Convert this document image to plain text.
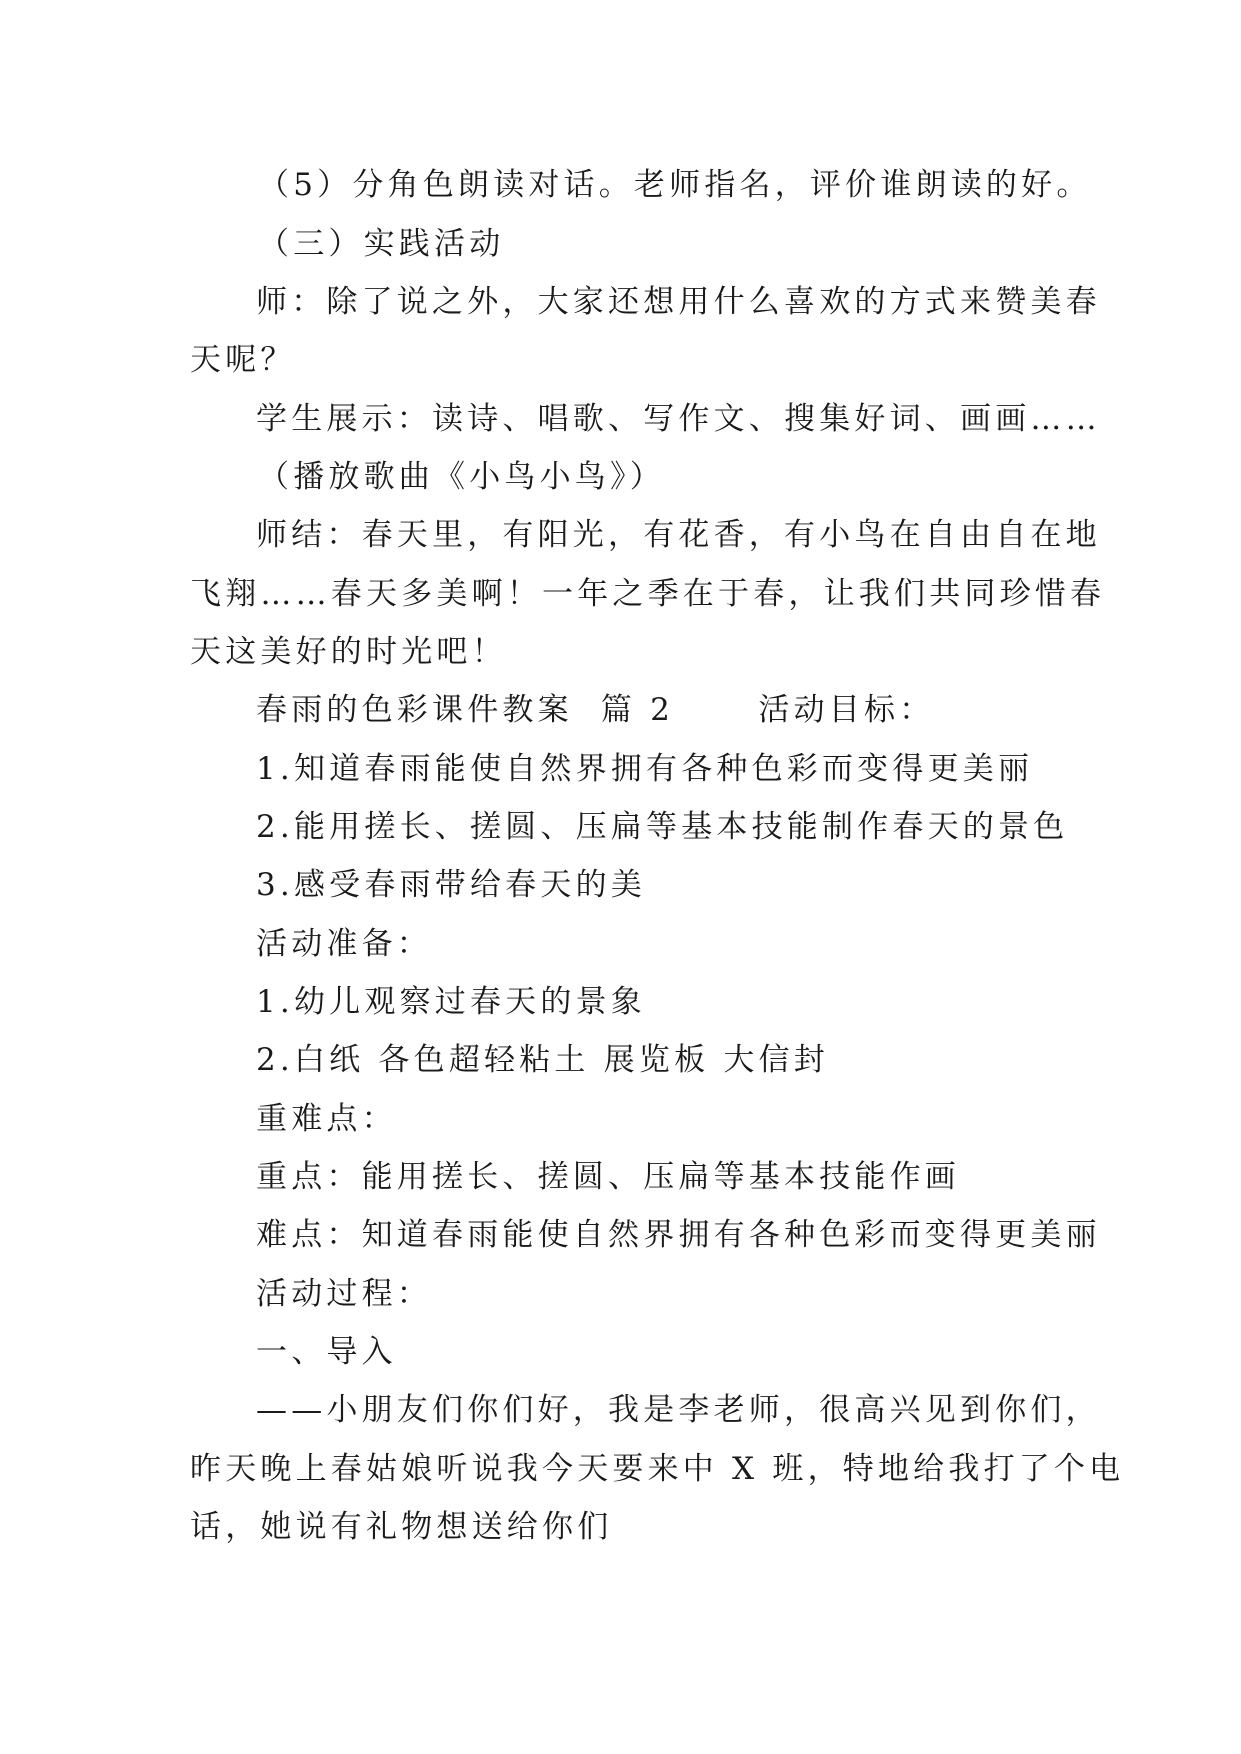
（5）分角色朗读对话。老师指名，评价谁朗读的好。
（三）实践活动
师：除了说之外，大家还想用什么喜欢的方式来赞美春
天呢？
学生展示：读诗、唱歌、写作文、搜集好词、画画……
（播放歌曲《小鸟小鸟》）
师结：春天里，有阳光，有花香，有小鸟在自由自在地
飞翔……春天多美啊！一年之季在于春，让我们共同珍惜春
天这美好的时光吧！
春雨的色彩课件教案  篇 2      活动目标：
1.知道春雨能使自然界拥有各种色彩而变得更美丽
2.能用搓长、搓圆、压扁等基本技能制作春天的景色
3.感受春雨带给春天的美
活动准备：
1.幼儿观察过春天的景象
2.白纸 各色超轻粘土 展览板 大信封
重难点：
重点：能用搓长、搓圆、压扁等基本技能作画
难点：知道春雨能使自然界拥有各种色彩而变得更美丽
活动过程：
一、导入
——小朋友们你们好，我是李老师，很高兴见到你们，
昨天晚上春姑娘听说我今天要来中 X 班，特地给我打了个电
话，她说有礼物想送给你们
